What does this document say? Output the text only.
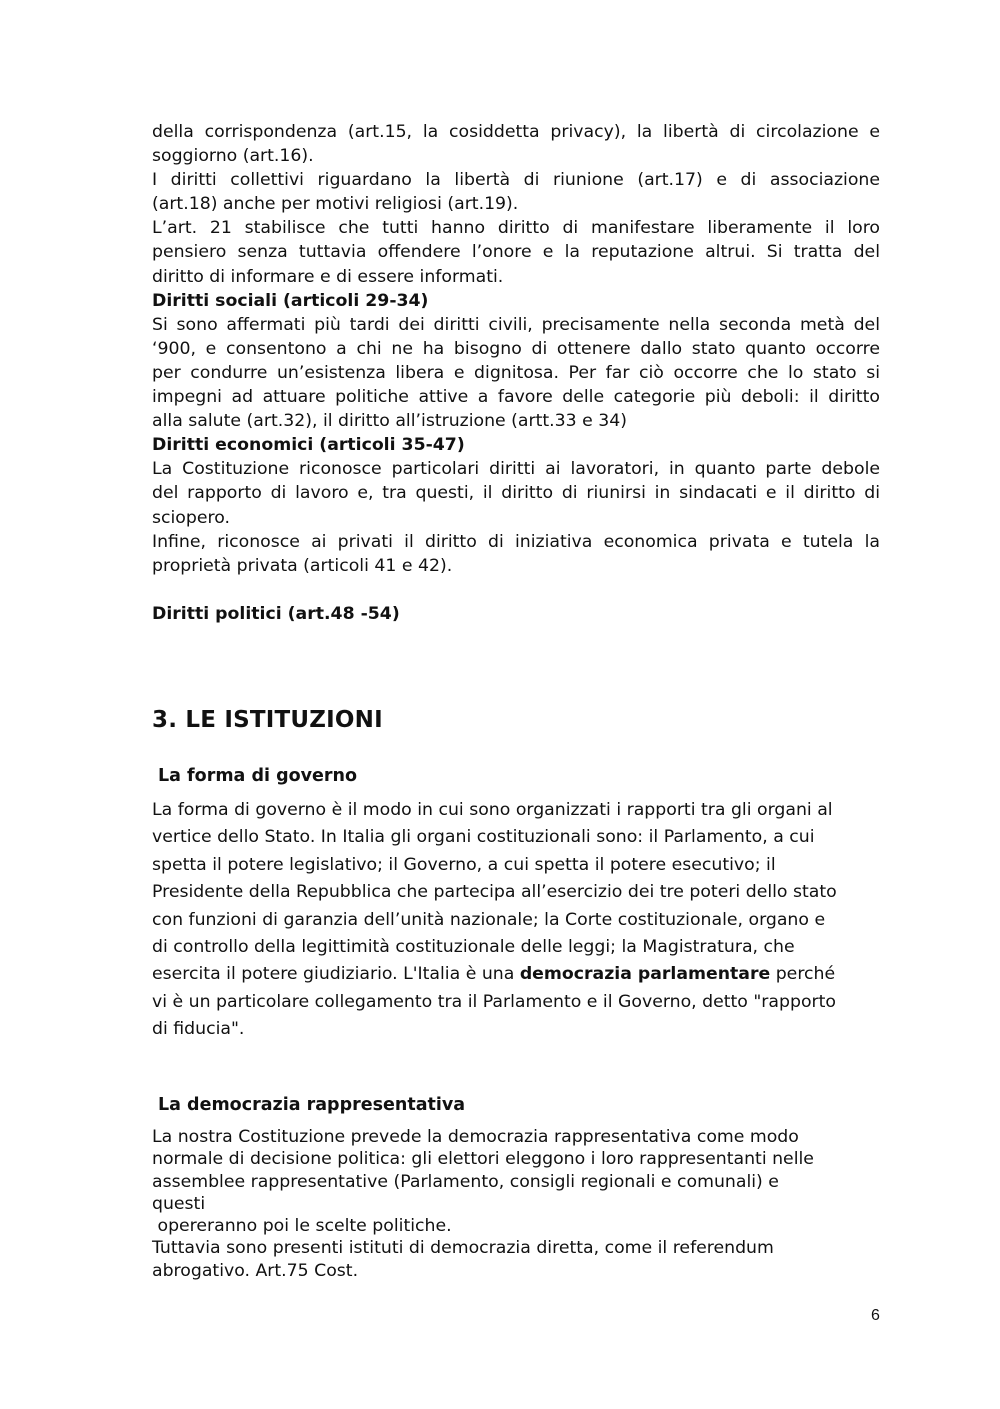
della corrispondenza (art.15, la cosiddetta privacy), la libertà di circolazione e

soggiorno (art.16).

I diritti collettivi riguardano la libertà di riunione (art.17) e di associazione

(art.18) anche per motivi religiosi (art.19).

L’art. 21 stabilisce che tutti hanno diritto di manifestare liberamente il loro

pensiero senza tuttavia offendere l’onore e la reputazione altrui. Si tratta del

diritto di informare e di essere informati.

Diritti sociali (articoli 29-34)

Si sono affermati più tardi dei diritti civili, precisamente nella seconda metà del

‘900, e consentono a chi ne ha bisogno di ottenere dallo stato quanto occorre

per condurre un’esistenza libera e dignitosa. Per far ciò occorre che lo stato si

impegni ad attuare politiche attive a favore delle categorie più deboli: il diritto

alla salute (art.32), il diritto all’istruzione (artt.33 e 34)

Diritti economici (articoli 35-47)

La Costituzione riconosce particolari diritti ai lavoratori, in quanto parte debole

del rapporto di lavoro e, tra questi, il diritto di riunirsi in sindacati e il diritto di

sciopero.

Infine, riconosce ai privati il diritto di iniziativa economica privata e tutela la

proprietà privata (articoli 41 e 42).

Diritti politici (art.48 -54)

3. LE ISTITUZIONI
La forma di governo

La forma di governo è il modo in cui sono organizzati i rapporti tra gli organi al

vertice dello Stato. In Italia gli organi costituzionali sono: il Parlamento, a cui

spetta il potere legislativo; il Governo, a cui spetta il potere esecutivo; il

Presidente della Repubblica che partecipa all’esercizio dei tre poteri dello stato

con funzioni di garanzia dell’unità nazionale; la Corte costituzionale, organo e

di controllo della legittimità costituzionale delle leggi; la Magistratura, che

esercita il potere giudiziario. L'Italia è una democrazia parlamentare perché

vi è un particolare collegamento tra il Parlamento e il Governo, detto "rapporto

di fiducia".

La democrazia rappresentativa

La nostra Costituzione prevede la democrazia rappresentativa come modo

normale di decisione politica: gli elettori eleggono i loro rappresentanti nelle

assemblee rappresentative (Parlamento, consigli regionali e comunali) e

questi

opereranno poi le scelte politiche.

Tuttavia sono presenti istituti di democrazia diretta, come il referendum

abrogativo. Art.75 Cost.

6
